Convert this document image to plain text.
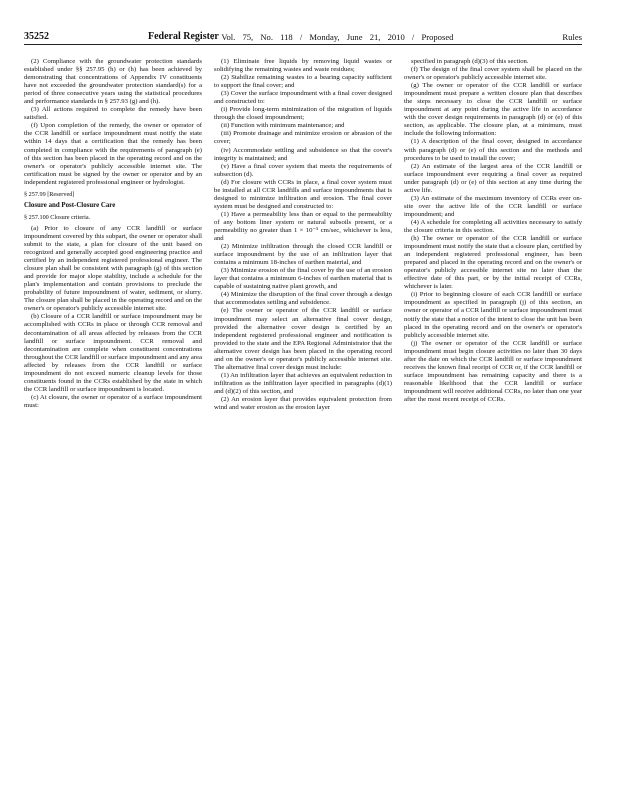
35252	Federal Register
/ Vol. 75, No. 118 / Monday, June 21, 2010 / Proposed	Rules

(2) Compliance with the groundwater protection standards established under §§ 257.95 (h) or (h) has been achieved by demonstrating that concentrations of Appendix IV constituents have not exceeded the groundwater protection standard(s) for a period of three consecutive years using the statistical procedures and performance standards in § 257.93 (g) and (h).

(3) All actions required to complete the remedy have been satisfied.

(f) Upon completion of the remedy, the owner or operator of the CCR landfill or surface impoundment must notify the state within 14 days that a certification that the remedy has been completed in compliance with the requirements of paragraph (e) of this section has been placed in the operating record and on the owner's or operator's publicly accessible internet site. The certification must be signed by the owner or operator and by an independent registered professional engineer or hydrologist.

§ 257.99 [Reserved]

Closure and Post-Closure Care

§ 257.100 Closure criteria.

(a) Prior to closure of any CCR landfill or surface impoundment covered by this subpart, the owner or operator shall submit to the state, a plan for closure of the unit based on recognized and generally accepted good engineering practice and certified by an independent registered professional engineer. The closure plan shall be consistent with paragraph (g) of this section and provide for major slope stability, include a schedule for the plan's implementation and contain provisions to preclude the probability of future impoundment of water, sediment, or slurry. The closure plan shall be placed in the operating record and on the owner's or operator's publicly accessible internet site.

(b) Closure of a CCR landfill or surface impoundment may be accomplished with CCRs in place or through CCR removal and decontamination of all areas affected by releases from the CCR landfill or surface impoundment. CCR removal and decontamination are complete when constituent concentrations throughout the CCR landfill or surface impoundment and any area affected by releases from the CCR landfill or surface impoundment do not exceed numeric cleanup levels for those constituents found in the CCRs established by the state in which the CCR landfill or surface impoundment is located.

(c) At closure, the owner or operator of a surface impoundment must:

(1) Eliminate free liquids by removing liquid wastes or solidifying the remaining wastes and waste residues;

(2) Stabilize remaining wastes to a bearing capacity sufficient to support the final cover; and

(3) Cover the surface impoundment with a final cover designed and constructed to:

(i) Provide long-term minimization of the migration of liquids through the closed impoundment;

(ii) Function with minimum maintenance; and

(iii) Promote drainage and minimize erosion or abrasion of the cover;

(iv) Accommodate settling and subsidence so that the cover's integrity is maintained; and

(v) Have a final cover system that meets the requirements of subsection (d).

(d) For closure with CCRs in place, a final cover system must be installed at all CCR landfills and surface impoundments that is designed to minimize infiltration and erosion. The final cover system must be designed and constructed to:

(1) Have a permeability less than or equal to the permeability of any bottom liner system or natural subsoils present, or a permeability no greater than 1 × 10⁻⁵ cm/sec, whichever is less, and

(2) Minimize infiltration through the closed CCR landfill or surface impoundment by the use of an infiltration layer that contains a minimum 18-inches of earthen material, and

(3) Minimize erosion of the final cover by the use of an erosion layer that contains a minimum 6-inches of earthen material that is capable of sustaining native plant growth, and

(4) Minimize the disruption of the final cover through a design that accommodates settling and subsidence.

(e) The owner or operator of the CCR landfill or surface impoundment may select an alternative final cover design, provided the alternative cover design is certified by an independent registered professional engineer and notification is provided to the state and the EPA Regional Administrator that the alternative cover design has been placed in the operating record and on the owner's or operator's publicly accessible internet site. The alternative final cover design must include:

(1) An infiltration layer that achieves an equivalent reduction in infiltration as the infiltration layer specified in paragraphs (d)(1) and (d)(2) of this section, and

(2) An erosion layer that provides equivalent protection from wind and water erosion as the erosion layer

specified in paragraph (d)(3) of this section.

(f) The design of the final cover system shall be placed on the owner's or operator's publicly accessible internet site.

(g) The owner or operator of the CCR landfill or surface impoundment must prepare a written closure plan that describes the steps necessary to close the CCR landfill or surface impoundment at any point during the active life in accordance with the cover design requirements in paragraph (d) or (e) of this section, as applicable. The closure plan, at a minimum, must include the following information:

(1) A description of the final cover, designed in accordance with paragraph (d) or (e) of this section and the methods and procedures to be used to install the cover;

(2) An estimate of the largest area of the CCR landfill or surface impoundment ever requiring a final cover as required under paragraph (d) or (e) of this section at any time during the active life.

(3) An estimate of the maximum inventory of CCRs ever on-site over the active life of the CCR landfill or surface impoundment; and

(4) A schedule for completing all activities necessary to satisfy the closure criteria in this section.

(h) The owner or operator of the CCR landfill or surface impoundment must notify the state that a closure plan, certified by an independent registered professional engineer, has been prepared and placed in the operating record and on the owner's or operator's publicly accessible internet site no later than the effective date of this part, or by the initial receipt of CCRs, whichever is later.

(i) Prior to beginning closure of each CCR landfill or surface impoundment as specified in paragraph (j) of this section, an owner or operator of a CCR landfill or surface impoundment must notify the state that a notice of the intent to close the unit has been placed in the operating record and on the owner's or operator's publicly accessible internet site.

(j) The owner or operator of the CCR landfill or surface impoundment must begin closure activities no later than 30 days after the date on which the CCR landfill or surface impoundment receives the known final receipt of CCR or, if the CCR landfill or surface impoundment has remaining capacity and there is a reasonable likelihood that the CCR landfill or surface impoundment will receive additional CCRs, no later than one year after the most recent receipt of CCRs.
